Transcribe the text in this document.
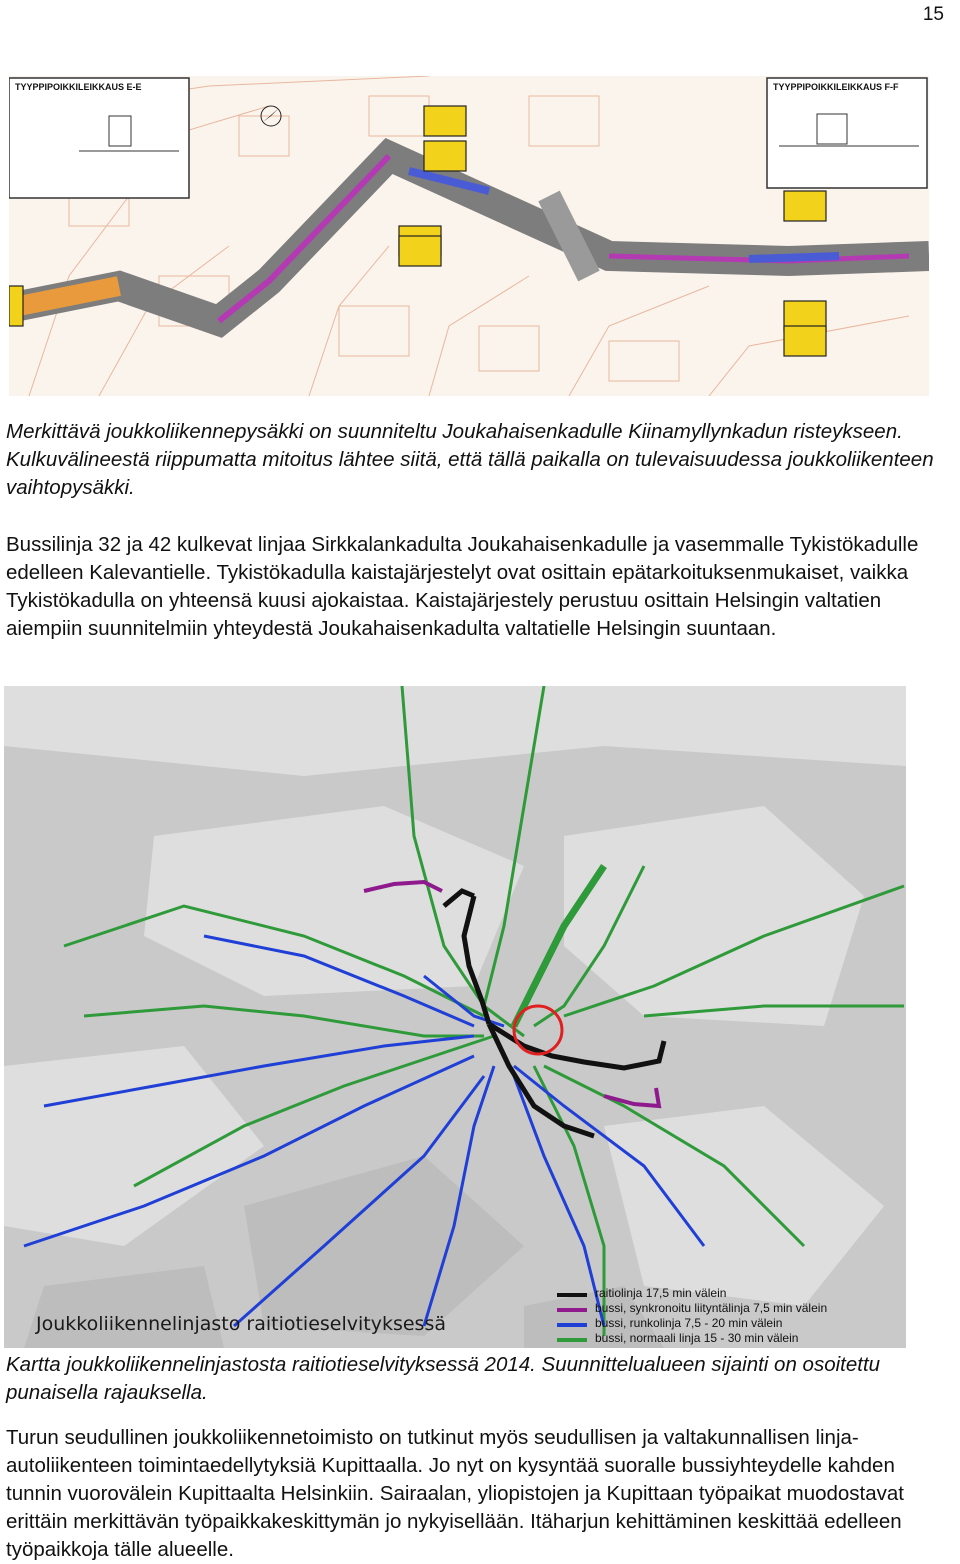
15
TYYPPIPOIKKILEIKKAUS E-E	TYYPPIPOIKKILEIKKAUS F-F

Merkittävä joukkoliikennepysäkki on suunniteltu Joukahaisenkadulle Kiinamyllynkadun risteykseen. Kulkuvälineestä riippumatta mitoitus lähtee siitä, että tällä paikalla on tulevaisuudessa joukkoliikenteen vaihtopysäkki.

Bussilinja 32 ja 42 kulkevat linjaa Sirkkalankadulta Joukahaisenkadulle ja vasemmalle Tykistökadulle edelleen Kalevantielle. Tykistökadulla kaistajärjestelyt ovat osittain epätarkoituksenmukaiset, vaikka Tykistökadulla on yhteensä kuusi ajokaistaa. Kaistajärjestely perustuu osittain Helsingin valtatien aiempiin suunnitelmiin yhteydestä Joukahaisenkadulta valtatielle Helsingin suuntaan.

Joukkoliikennelinjasto raitiotieselvityksessä
raitiolinja 17,5 min välein
bussi, synkronoitu liityntälinja 7,5 min välein
bussi, runkolinja 7,5 - 20 min välein
bussi, normaali linja 15 - 30 min välein

Kartta joukkoliikennelinjastosta raitiotieselvityksessä 2014. Suunnittelualueen sijainti on osoitettu punaisella rajauksella.

Turun seudullinen joukkoliikennetoimisto on tutkinut myös seudullisen ja valtakunnallisen linja-autoliikenteen toimintaedellytyksiä Kupittaalla. Jo nyt on kysyntää suoralle bussiyhteydelle kahden tunnin vuorovälein Kupittaalta Helsinkiin. Sairaalan, yliopistojen ja Kupittaan työpaikat muodostavat erittäin merkittävän työpaikkakeskittymän jo nykyisellään. Itäharjun kehittäminen keskittää edelleen työpaikkoja tälle alueelle.
